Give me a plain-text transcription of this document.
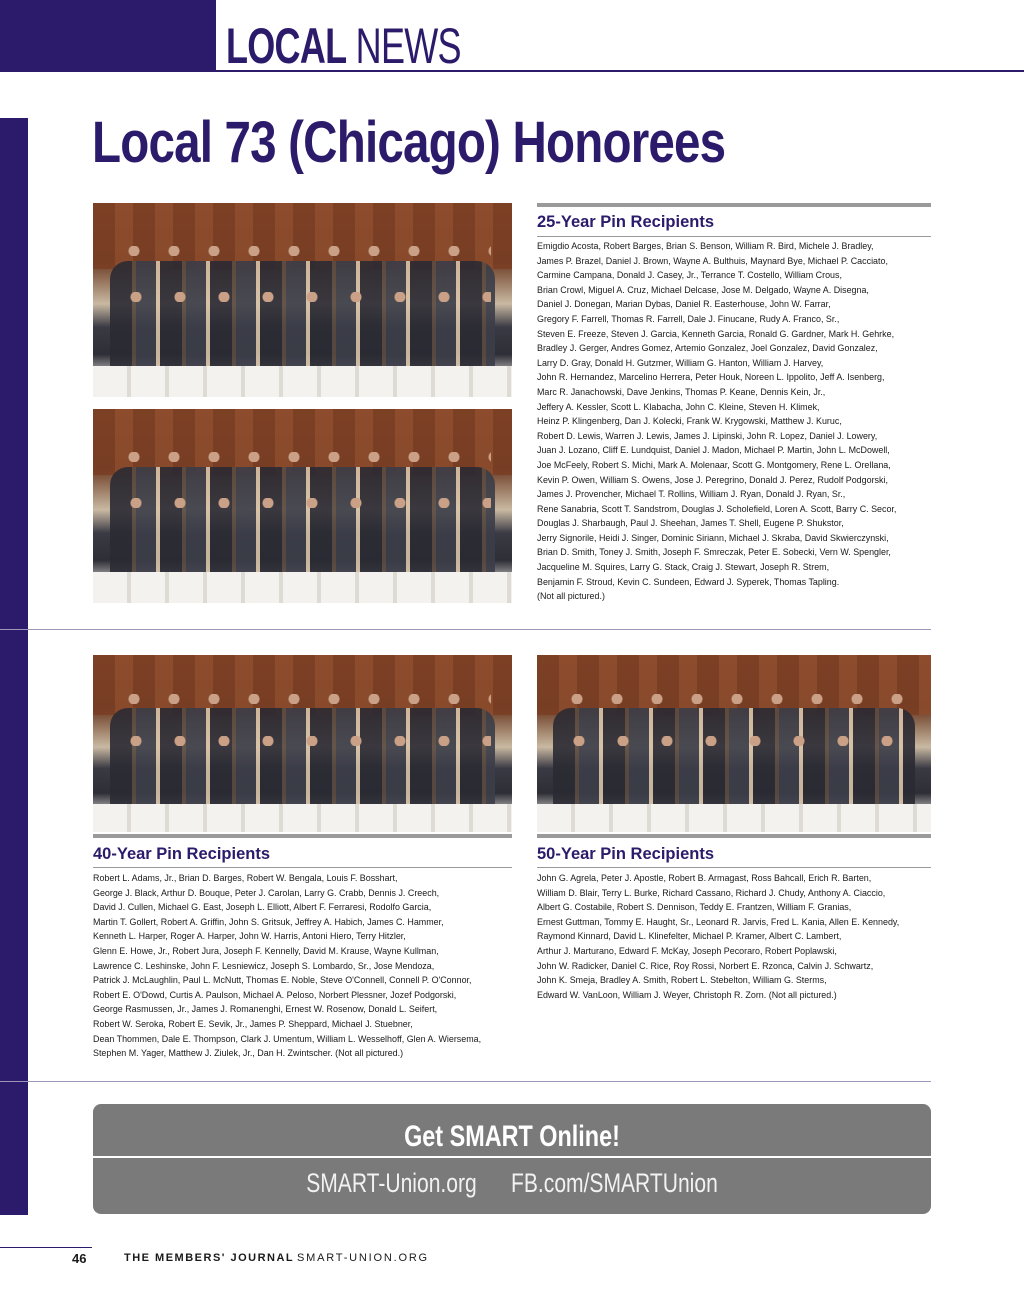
LOCAL NEWS
Local 73 (Chicago) Honorees
25-Year Pin Recipients
Emigdio Acosta, Robert Barges, Brian S. Benson, William R. Bird, Michele J. Bradley,
James P. Brazel, Daniel J. Brown, Wayne A. Bulthuis, Maynard Bye, Michael P. Cacciato,
Carmine Campana, Donald J. Casey, Jr., Terrance T. Costello, William Crous,
Brian Crowl, Miguel A. Cruz, Michael Delcase, Jose M. Delgado, Wayne A. Disegna,
Daniel J. Donegan, Marian Dybas, Daniel R. Easterhouse, John W. Farrar,
Gregory F. Farrell, Thomas R. Farrell, Dale J. Finucane, Rudy A. Franco, Sr.,
Steven E. Freeze, Steven J. Garcia, Kenneth Garcia, Ronald G. Gardner, Mark H. Gehrke,
Bradley J. Gerger, Andres Gomez, Artemio Gonzalez, Joel Gonzalez, David Gonzalez,
Larry D. Gray, Donald H. Gutzmer, William G. Hanton, William J. Harvey,
John R. Hernandez, Marcelino Herrera, Peter Houk, Noreen L. Ippolito, Jeff A. Isenberg,
Marc R. Janachowski, Dave Jenkins, Thomas P. Keane, Dennis Kein, Jr.,
Jeffery A. Kessler, Scott L. Klabacha, John C. Kleine, Steven H. Klimek,
Heinz P. Klingenberg, Dan J. Kolecki, Frank W. Krygowski, Matthew J. Kuruc,
Robert D. Lewis, Warren J. Lewis, James J. Lipinski, John R. Lopez, Daniel J. Lowery,
Juan J. Lozano, Cliff E. Lundquist, Daniel J. Madon, Michael P. Martin, John L. McDowell,
Joe McFeely, Robert S. Michi, Mark A. Molenaar, Scott G. Montgomery, Rene L. Orellana,
Kevin P. Owen, William S. Owens, Jose J. Peregrino, Donald J. Perez, Rudolf Podgorski,
James J. Provencher, Michael T. Rollins, William J. Ryan, Donald J. Ryan, Sr.,
Rene Sanabria, Scott T. Sandstrom, Douglas J. Scholefield, Loren A. Scott, Barry C. Secor,
Douglas J. Sharbaugh, Paul J. Sheehan, James T. Shell, Eugene P. Shukstor,
Jerry Signorile, Heidi J. Singer, Dominic Siriann, Michael J. Skraba, David Skwierczynski,
Brian D. Smith, Toney J. Smith, Joseph F. Smreczak, Peter E. Sobecki, Vern W. Spengler,
Jacqueline M. Squires, Larry G. Stack, Craig J. Stewart, Joseph R. Strem,
Benjamin F. Stroud, Kevin C. Sundeen, Edward J. Syperek, Thomas Tapling.
(Not all pictured.)
40-Year Pin Recipients	50-Year Pin Recipients
Robert L. Adams, Jr., Brian D. Barges, Robert W. Bengala, Louis F. Bosshart,
George J. Black, Arthur D. Bouque, Peter J. Carolan, Larry G. Crabb, Dennis J. Creech,
David J. Cullen, Michael G. East, Joseph L. Elliott, Albert F. Ferraresi, Rodolfo Garcia,
Martin T. Gollert, Robert A. Griffin, John S. Gritsuk, Jeffrey A. Habich, James C. Hammer,
Kenneth L. Harper, Roger A. Harper, John W. Harris, Antoni Hiero, Terry Hitzler,
Glenn E. Howe, Jr., Robert Jura, Joseph F. Kennelly, David M. Krause, Wayne Kullman,
Lawrence C. Leshinske, John F. Lesniewicz, Joseph S. Lombardo, Sr., Jose Mendoza,
Patrick J. McLaughlin, Paul L. McNutt, Thomas E. Noble, Steve O'Connell, Connell P. O'Connor,
Robert E. O'Dowd, Curtis A. Paulson, Michael A. Peloso, Norbert Plessner, Jozef Podgorski,
George Rasmussen, Jr., James J. Romanenghi, Ernest W. Rosenow, Donald L. Seifert,
Robert W. Seroka, Robert E. Sevik, Jr., James P. Sheppard, Michael J. Stuebner,
Dean Thommen, Dale E. Thompson, Clark J. Umentum, William L. Wesselhoff, Glen A. Wiersema,
Stephen M. Yager, Matthew J. Ziulek, Jr., Dan H. Zwintscher. (Not all pictured.)
John G. Agrela, Peter J. Apostle, Robert B. Armagast, Ross Bahcall, Erich R. Barten,
William D. Blair, Terry L. Burke, Richard Cassano, Richard J. Chudy, Anthony A. Ciaccio,
Albert G. Costabile, Robert S. Dennison, Teddy E. Frantzen, William F. Granias,
Ernest Guttman, Tommy E. Haught, Sr., Leonard R. Jarvis, Fred L. Kania, Allen E. Kennedy,
Raymond Kinnard, David L. Klinefelter, Michael P. Kramer, Albert C. Lambert,
Arthur J. Marturano, Edward F. McKay, Joseph Pecoraro, Robert Poplawski,
John W. Radicker, Daniel C. Rice, Roy Rossi, Norbert E. Rzonca, Calvin J. Schwartz,
John K. Smeja, Bradley A. Smith, Robert L. Stebelton, William G. Sterms,
Edward W. VanLoon, William J. Weyer, Christoph R. Zorn. (Not all pictured.)
Get SMART Online!
SMART-Union.org FB.com/SMARTUnion
46	THE MEMBERS' JOURNAL SMART-UNION.ORG
